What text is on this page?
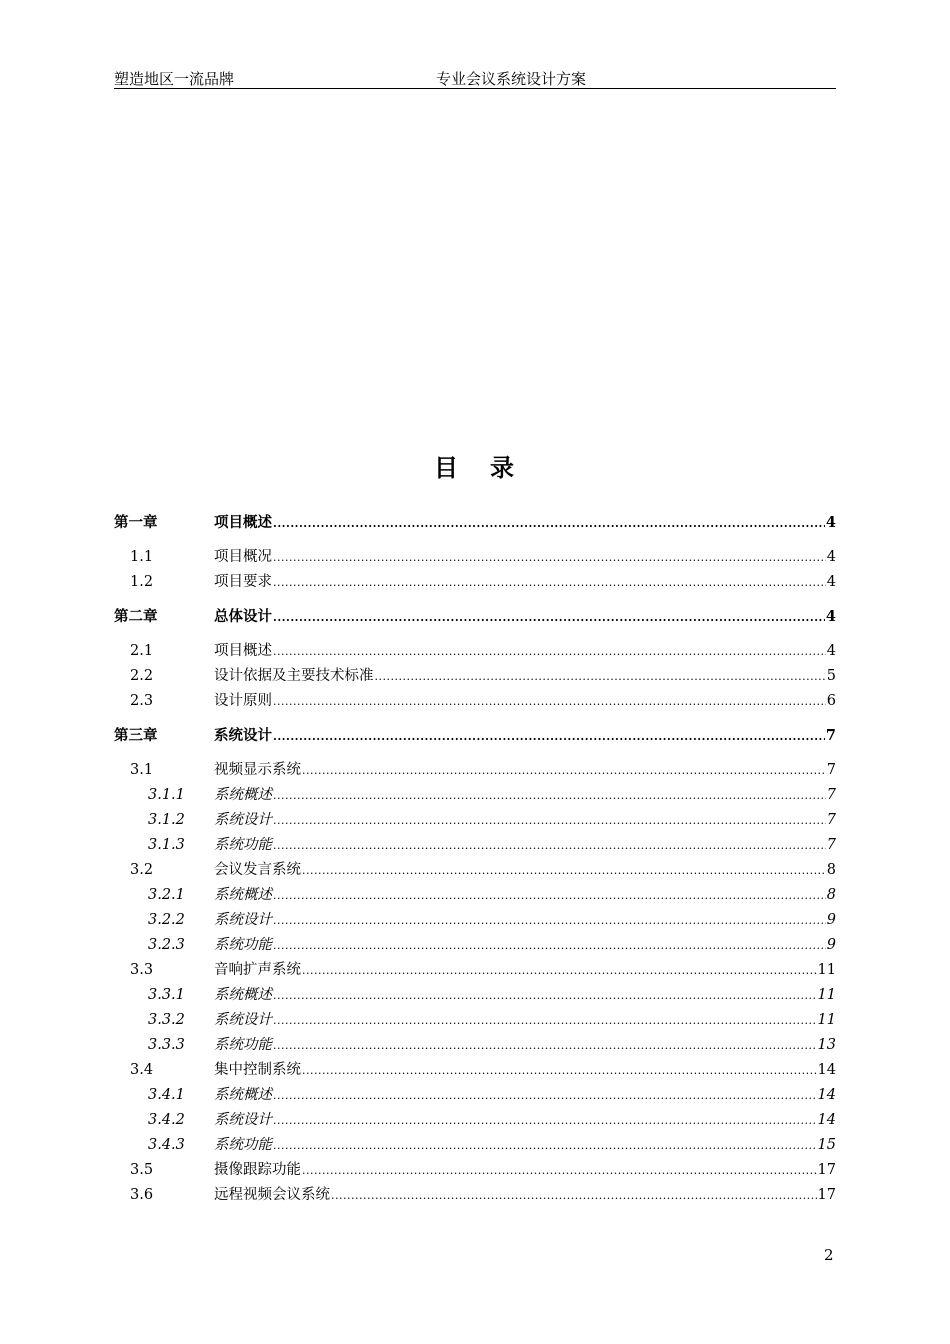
塑造地区一流品牌	专业会议系统设计方案
目 录
第一章	项目概述 .....	4
1.1	项目概况 .....	4
1.2	项目要求 .....	4
第二章	总体设计 .....	4
2.1	项目概述 .....	4
2.2	设计依据及主要技术标准 .....	5
2.3	设计原则 .....	6
第三章	系统设计 .....	7
3.1	视频显示系统 .....	7
3.1.1 系统概述 .....	7
3.1.2 系统设计 .....	7
3.1.3 系统功能 .....	7
3.2	会议发言系统 .....	8
3.2.1 系统概述 .....	8
3.2.2 系统设计 .....	9
3.2.3 系统功能 .....	9
3.3	音响扩声系统 .....	11
3.3.1 系统概述 .....	11
3.3.2 系统设计 .....	11
3.3.3 系统功能 .....	13
3.4	集中控制系统 .....	14
3.4.1 系统概述 .....	14
3.4.2 系统设计 .....	14
3.4.3 系统功能 .....	15
3.5	摄像跟踪功能 .....	17
3.6	远程视频会议系统 .....	17
2
